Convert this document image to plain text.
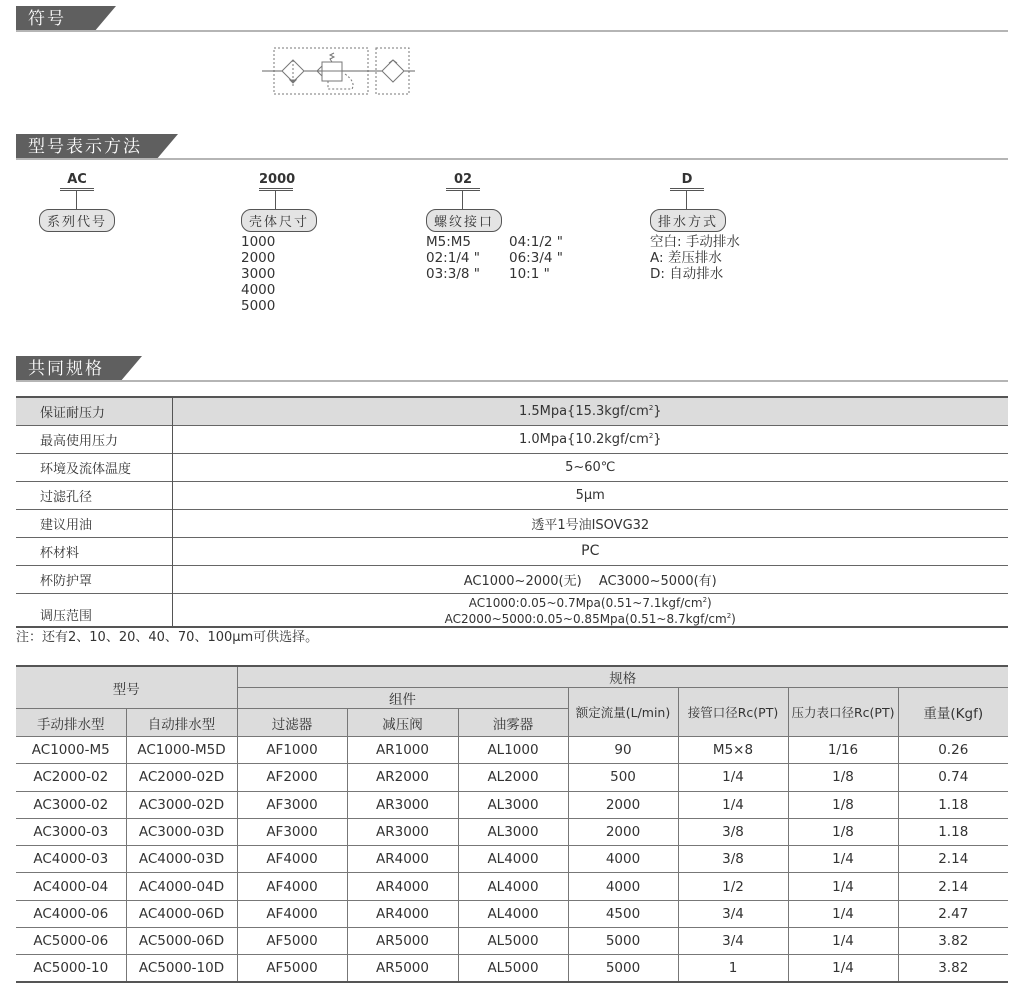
符号
型号表示方法
AC
系列代号
2000
壳体尺寸
1000
2000
3000
4000
5000
02
螺纹接口
M5:M5	04:1/2 "
02:1/4 "	06:3/4 "
03:3/8 "	10:1 "
D
排水方式
空白: 手动排水
A: 差压排水
D: 自动排水
共同规格
保证耐压力	$1.5Mpa\{15.3kgf/cm^2\}$
最高使用压力	$1.0Mpa\{10.2kgf/cm^2\}$
环境及流体温度	5~60℃
过滤孔径	5μm
建议用油	透平1号油ISOVG32
杯材料	PC
杯防护罩	AC1000~2000(无)　 AC3000~5000(有)
调压范围	$AC1000:0.05\sim 0.7Mpa(0.51\sim 7.1kgf/cm^2)$
$AC2000\sim 5000:0.05\sim 0.85Mpa(0.51\sim 8.7kgf/cm^2)$
注：还有2、10、20、40、70、100μm可供选择。
型号		规格						
		组件			额定流量(L/min)	接管口径Rc(PT)	压力表口径Rc(PT)	重量(Kgf)
手动排水型	自动排水型	过滤器	减压阀	油雾器				
AC1000-M5	AC1000-M5D	AF1000	AR1000	AL1000	90	M5×8	1/16	0.26
AC2000-02	AC2000-02D	AF2000	AR2000	AL2000	500	1/4	1/8	0.74
AC3000-02	AC3000-02D	AF3000	AR3000	AL3000	2000	1/4	1/8	1.18
AC3000-03	AC3000-03D	AF3000	AR3000	AL3000	2000	3/8	1/8	1.18
AC4000-03	AC4000-03D	AF4000	AR4000	AL4000	4000	3/8	1/4	2.14
AC4000-04	AC4000-04D	AF4000	AR4000	AL4000	4000	1/2	1/4	2.14
AC4000-06	AC4000-06D	AF4000	AR4000	AL4000	4500	3/4	1/4	2.47
AC5000-06	AC5000-06D	AF5000	AR5000	AL5000	5000	3/4	1/4	3.82
AC5000-10	AC5000-10D	AF5000	AR5000	AL5000	5000	1	1/4	3.82
